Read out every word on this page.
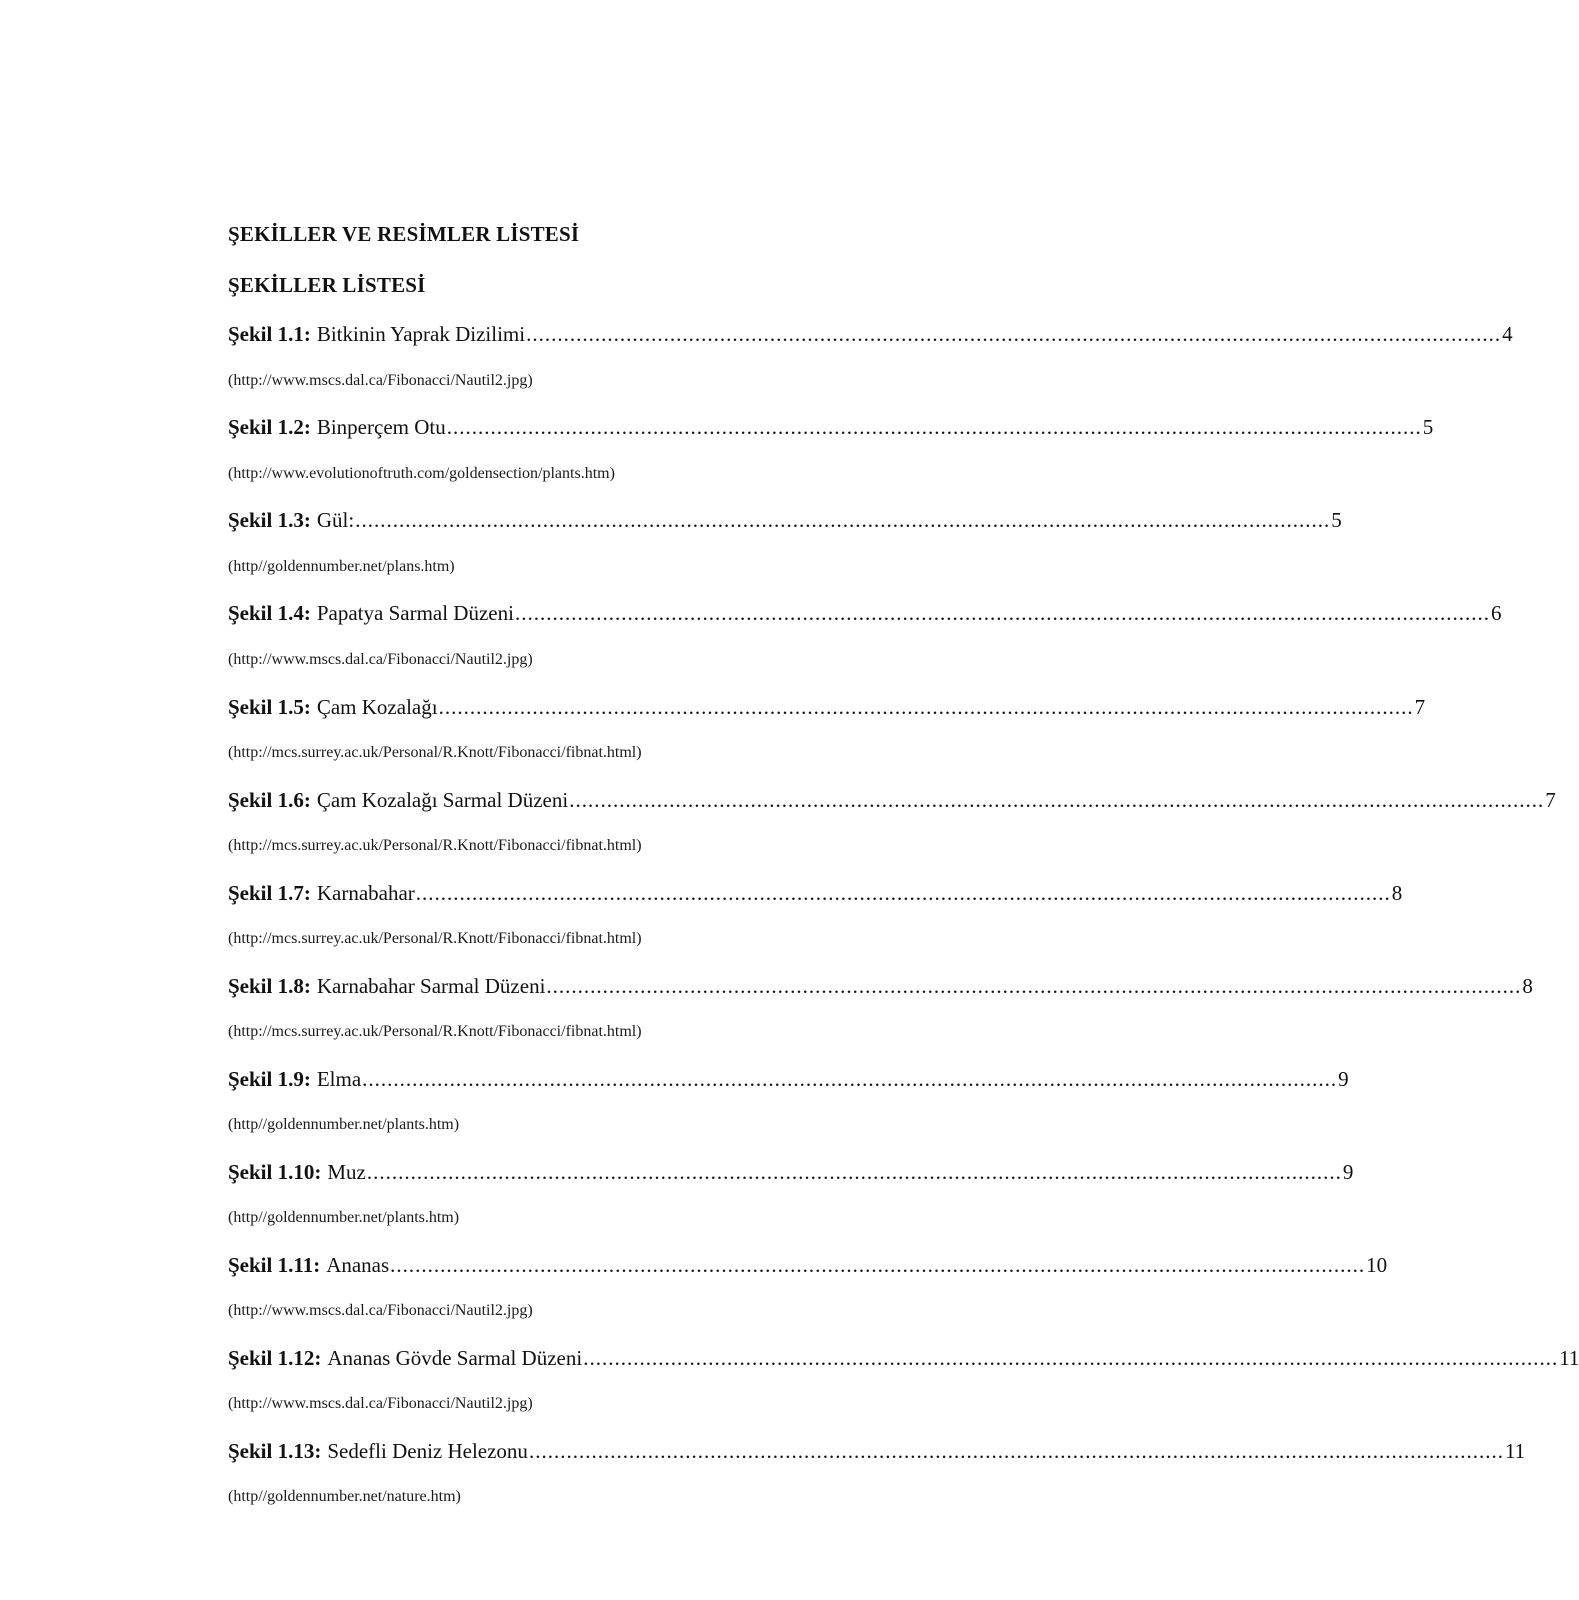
ŞEKİLLER VE RESİMLER LİSTESİ
ŞEKİLLER LİSTESİ
Şekil 1.1: Bitkinin Yaprak Dizilimi ............................................................................................................................................................ 4
(http://www.mscs.dal.ca/Fibonacci/Nautil2.jpg)
Şekil 1.2: Binperçem Otu ............................................................................................................................................................ 5
(http://www.evolutionoftruth.com/goldensection/plants.htm)
Şekil 1.3: Gül: ............................................................................................................................................................ 5
(http//goldennumber.net/plans.htm)
Şekil 1.4: Papatya Sarmal Düzeni ............................................................................................................................................................ 6
(http://www.mscs.dal.ca/Fibonacci/Nautil2.jpg)
Şekil 1.5: Çam Kozalağı ............................................................................................................................................................ 7
(http://mcs.surrey.ac.uk/Personal/R.Knott/Fibonacci/fibnat.html)
Şekil 1.6: Çam Kozalağı Sarmal Düzeni ............................................................................................................................................................ 7
(http://mcs.surrey.ac.uk/Personal/R.Knott/Fibonacci/fibnat.html)
Şekil 1.7: Karnabahar ............................................................................................................................................................ 8
(http://mcs.surrey.ac.uk/Personal/R.Knott/Fibonacci/fibnat.html)
Şekil 1.8: Karnabahar Sarmal Düzeni ............................................................................................................................................................ 8
(http://mcs.surrey.ac.uk/Personal/R.Knott/Fibonacci/fibnat.html)
Şekil 1.9: Elma ............................................................................................................................................................ 9
(http//goldennumber.net/plants.htm)
Şekil 1.10: Muz ............................................................................................................................................................ 9
(http//goldennumber.net/plants.htm)
Şekil 1.11: Ananas ............................................................................................................................................................ 10
(http://www.mscs.dal.ca/Fibonacci/Nautil2.jpg)
Şekil 1.12: Ananas Gövde Sarmal Düzeni ............................................................................................................................................................ 11
(http://www.mscs.dal.ca/Fibonacci/Nautil2.jpg)
Şekil 1.13: Sedefli Deniz Helezonu ............................................................................................................................................................ 11
(http//goldennumber.net/nature.htm)
